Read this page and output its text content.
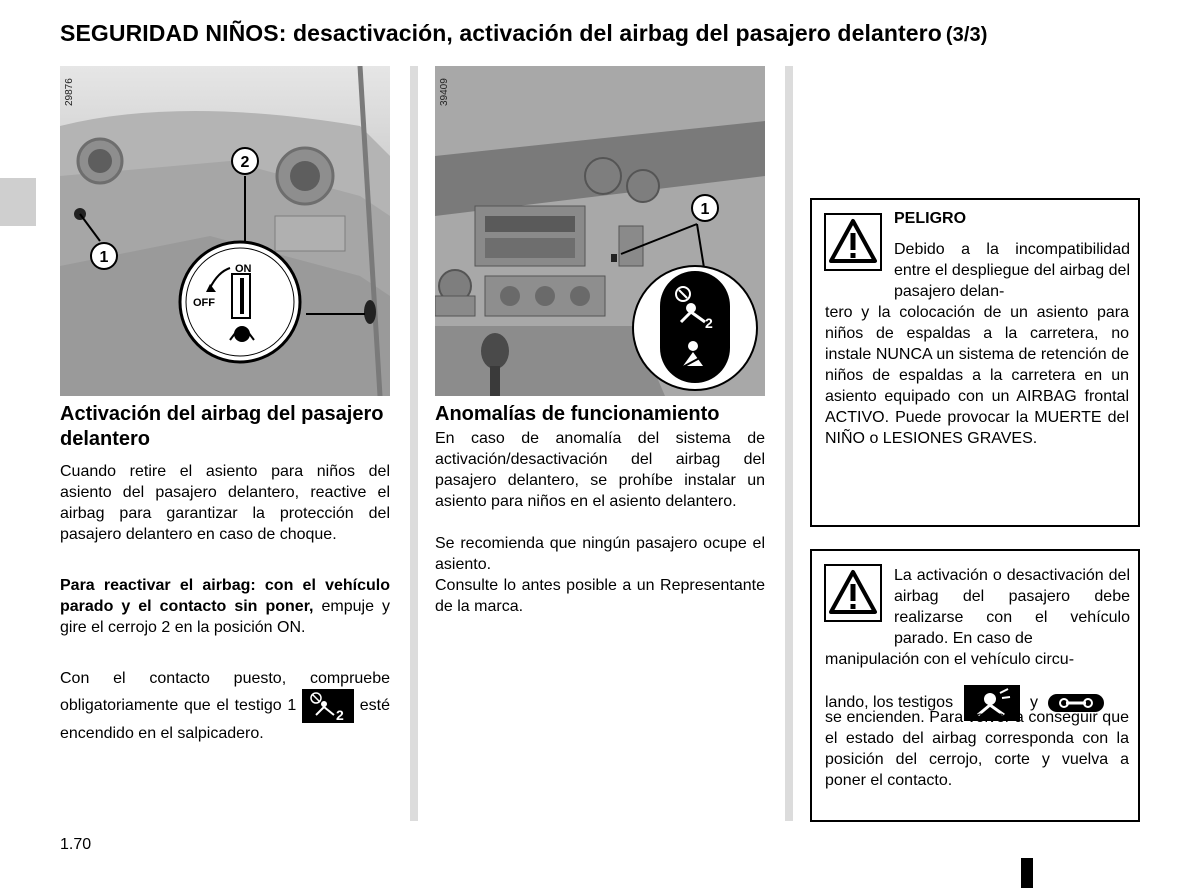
SEGURIDAD NIÑOS: desactivación, activación del airbag del pasajero delantero (3/3)
29876
2
1
ON
OFF
2
39409
1
Activación del airbag del pasajero delantero
Cuando retire el asiento para niños del asiento del pasajero delantero, reactive el airbag para garantizar la protección del pasajero delantero en caso de choque.
Para reactivar el airbag: con el vehículo parado y el contacto sin poner, empuje y gire el cerrojo 2 en la posición ON.
Con el contacto puesto, compruebe obligatoriamente que el testigo 1
2
esté encendido en el salpicadero.
Anomalías de funcionamiento
En caso de anomalía del sistema de activación/desactivación del airbag del pasajero delantero, se prohíbe instalar un asiento para niños en el asiento delantero.
Se recomienda que ningún pasajero ocupe el asiento.
Consulte lo antes posible a un Representante de la marca.
PELIGRO
Debido a la incompatibilidad entre el despliegue del airbag del pasajero delan-
tero y la colocación de un asiento para niños de espaldas a la carretera, no instale NUNCA un sistema de retención de niños de espaldas a la carretera en un asiento equipado con un AIRBAG frontal ACTIVO. Puede provocar la MUERTE del NIÑO o LESIONES GRAVES.
La activación o desactivación del airbag del pasajero debe realizarse con el vehículo parado. En caso de
manipulación con el vehículo circu-
lando, los testigos	y
se encienden. Para volver a conseguir que el estado del airbag corresponda con la posición del cerrojo, corte y vuelva a poner el contacto.
1.70
